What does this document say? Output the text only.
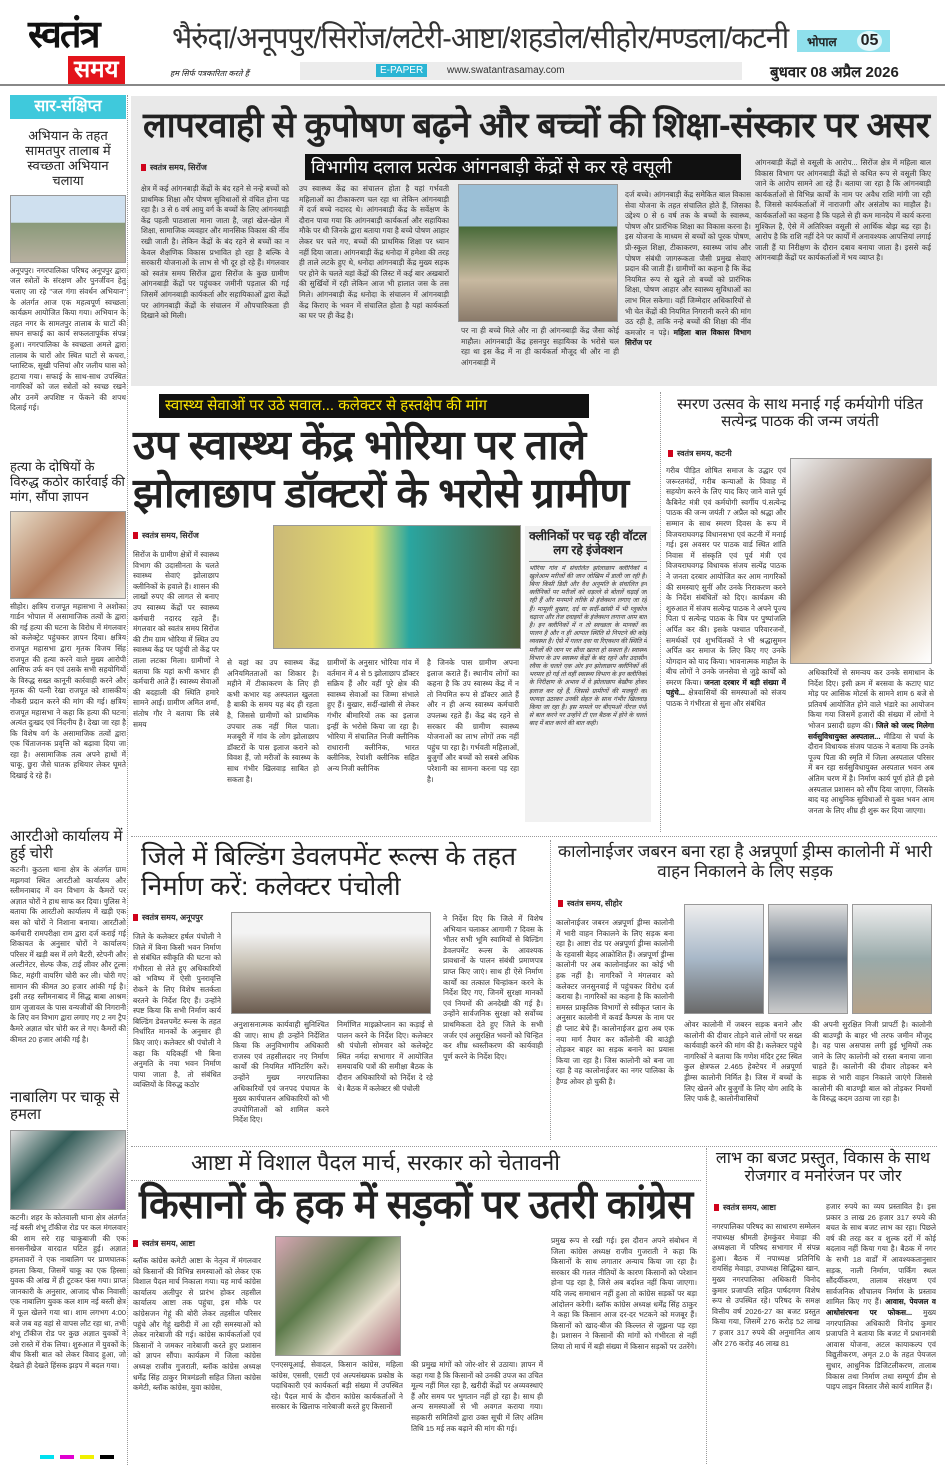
स्वतंत्र
समय
भैरुंदा/अनूपपुर/सिरोंज/लटेरी-आष्टा/शहडोल/सीहोर/मण्डला/कटनी भोपाल 05
हम सिर्फ पत्रकारिता करते हैं	E-PAPER	www.swatantrasamay.com	बुधवार 08 अप्रैल 2026
सार-संक्षिप्त
अभियान के तहत सामतपुर तालाब में स्वच्छता अभियान चलाया
अनूपपुर। नगरपालिका परिषद अनूपपुर द्वारा जल स्त्रोतों के संरक्षण और पुनर्जीवन हेतु चलाए जा रहे ''जल गंगा संवर्धन अभियान'' के अंतर्गत आज एक महत्वपूर्ण स्वच्छता कार्यक्रम आयोजित किया गया। अभियान के तहत नगर के सामतपुर तालाब के घाटों की सघन सफाई का कार्य सफलतापूर्वक संपन्न हुआ। नगरपालिका के स्वच्छता अमले द्वारा तालाब के चारों ओर स्थित घाटों से कचरा, प्लास्टिक, सूखी पत्तियां और जलीय घास को हटाया गया। सफाई के साथ-साथ उपस्थित नागरिकों को जल स्त्रोतों को स्वच्छ रखने और उनमें अपशिष्ट न फेंकने की शपथ दिलाई गई।
हत्या के दोषियों के विरुद्ध कठोर कार्रवाई की मांग, सौंपा ज्ञापन
सीहोर। क्षत्रिय राजपूत महासभा ने अशोका गार्डन भोपाल में असामाजिक तत्वों के द्वारा की गई हत्या की घटना के विरोध में मंगलवार को कलेक्ट्रेट पहुंचकर ज्ञापन दिया। क्षत्रिय राजपूत महासभा द्वारा मृतक विजय सिंह राजपूत की हत्या करने वाले मुख्य आरोपी आसिफ उर्फ बन एवं उसके सभी सहयोगियों के विरुद्ध सख्त कानूनी कार्रवाही करने और मृतक की पत्नी रेखा राजपूत को शासकीय नौकरी प्रदान करने की मांग की गई। क्षत्रिय राजपूत महासभा ने कहा कि हत्या की घटना अत्यंत दुःखद एवं निंदनीय है। देखा जा रहा है कि विशेष वर्ग के असामाजिक तत्वों द्वारा एक चिंताजनक प्रवृत्ति को बढ़ावा दिया जा रहा है। असामाजिक तत्व अपने हाथों में चाकू, छुरा जैसे घातक हथियार लेकर घूमते दिखाई दे रहे हैं।
आरटीओ कार्यालय में हुई चोरी
कटनी। कुठला थाना क्षेत्र के अंतर्गत ग्राम मझगवां स्थित आरटीओ कार्यालय और स्लीमनाबाद में वन विभाग के कैमरों पर अज्ञात चोरों ने हाथ साफ कर दिया। पुलिस ने बताया कि आरटीओ कार्यालय में खड़ी एक बस को चोरों ने निशाना बनाया। आरटीओ कर्मचारी रामपरीक्षा राम द्वारा दर्ज कराई गई शिकायत के अनुसार चोरों ने कार्यालय परिसर में खड़ी बस में लगे बैटरी, स्टेपनी और अल्टीनेटर, सेल्फ जैक, टाई लीवर और टूल्स किट, महंगी वायरिंग चोरी कर ली। चोरी गए सामान की कीमत 30 हजार आंकी गई है। इसी तरह स्लीमनाबाद में सिद्ध बाबा आश्रम ग्राम जुजावल के पास वन्यजीवों की निगरानी के लिए वन विभाग द्वारा लगाए गए 2 नग ट्रैप कैमरे अज्ञात चोर चोरी कर ले गए। कैमरों की कीमत 20 हजार आंकी गई है।
नाबालिग पर चाकू से हमला
कटनी। शहर के कोतवाली थाना क्षेत्र अंतर्गत नई बस्ती शंभू टॉकीज रोड पर कल मंगलवार की शाम सरे राह चाकूबाजी की एक सनसनीखेज वारदात घटित हुई। अज्ञात हमलावरों ने एक नाबालिग पर प्राणघातक हमला किया, जिसमें चाकू का एक हिस्सा युवक की आंख में ही टूटकर फंस गया। प्राप्त जानकारी के अनुसार, आजाद चौक निवासी एक नाबालिग युवक कल शाम नई बस्ती क्षेत्र में फूल खेलने गया था। शाम लगभग 4:00 बजे जब वह वहां से वापस लौट रहा था, तभी शंभू टॉकीज रोड पर कुछ अज्ञात युवकों ने उसे रास्ते में रोक लिया। शुरुआत में युवकों के बीच किसी बात को लेकर विवाद हुआ, जो देखते ही देखते हिंसक झड़प में बदल गया।
लापरवाही से कुपोषण बढ़ने और बच्चों की शिक्षा-संस्कार पर असर
स्वतंत्र समय, सिरोंज	विभागीय दलाल प्रत्येक आंगनबाड़ी केंद्रों से कर रहे वसूली
क्षेत्र में कई आंगनबाड़ी केंद्रों के बंद रहने से नन्हे बच्चों को प्राथमिक शिक्षा और पोषण सुविधाओं से वंचित होना पड़ रहा है। 3 से 6 वर्ष आयु वर्ग के बच्चों के लिए आंगनबाड़ी केंद्र पहली पाठशाला माना जाता है, जहां खेल-खेल में शिक्षा, सामाजिक व्यवहार और मानसिक विकास की नींव रखी जाती है। लेकिन केंद्रों के बंद रहने से बच्चों का न केवल शैक्षणिक विकास प्रभावित हो रहा है बल्कि वे सरकारी योजनाओं के लाभ से भी दूर हो रहे हैं। मंगलवार को स्वतंत्र समय सिरोंज द्वारा सिरोंज के कुछ ग्रामीण आंगनबाड़ी केंद्रों पर पहुंचकर जमीनी पड़ताल की गई जिसमें आंगनबाड़ी कार्यकर्ता और सहायिकाओं द्वारा केंद्रों पर आंगनबाड़ी केंद्रों के संचालन में औपचारिकता ही दिखाने को मिली।
उप स्वास्थ्य केंद्र का संचालन होता है यहां गर्भवती महिलाओं का टीकाकरण चल रहा था लेकिन आंगनबाड़ी में दर्ज बच्चे नदारद थे। आंगनबाड़ी केंद्र के सर्वेक्षण के दौरान पाया गया कि आंगनबाड़ी कार्यकर्ता और सहायिका मौके पर थी जिनके द्वारा बताया गया है बच्चे पोषण आहार लेकर घर चले गए, बच्चों की प्राथमिक शिक्षा पर ध्यान नहीं दिया जाता। आंगनबाड़ी केंद्र धनोदा में हमेशा की तरह ही ताले लटके हुए थे, धनोदा आंगनबाड़ी केंद्र मुख्य सड़क पर होने के चलते यहां केंद्रों की लिस्ट में कई बार अखबारों की सुर्खियों में रही लेकिन आज भी हालात जस के तस मिले। आंगनबाड़ी केंद्र धनोदा के संचालन में आंगनबाड़ी केंद्र किराए के भवन में संचालित होता है यहां कार्यकर्ता का घर पर ही केंद्र है।
पर ना ही बच्चे मिले और ना ही आंगनबाड़ी केंद्र जैसा कोई माहौल। आंगनबाड़ी केंद्र हसनपुर सहायिका के भरोसे चल रहा था इस केंद्र में ना ही कार्यकर्ता मौजूद थी और ना ही आंगनबाड़ी में
दर्ज बच्चे। आंगनबाड़ी केंद्र समेकित बाल विकास सेवा योजना के तहत संचालित होते हैं, जिसका उद्देश्य 0 से 6 वर्ष तक के बच्चों के स्वास्थ्य, पोषण और प्रारंभिक शिक्षा का विकास करना है। इस योजना के माध्यम से बच्चों को पूरक पोषण, प्री-स्कूल शिक्षा, टीकाकरण, स्वास्थ्य जांच और पोषण संबंधी जागरूकता जैसी प्रमुख सेवाएं प्रदान की जाती हैं। ग्रामीणों का कहना है कि केंद्र नियमित रूप से खुले तो बच्चों को प्रारंभिक शिक्षा, पोषण आहार और स्वास्थ्य सुविधाओं का लाभ मिल सकेगा। वहीं जिम्मेदार अधिकारियों से भी चेत केंद्रों की नियमित निगरानी करने की मांग उठ रही है, ताकि नन्हे बच्चों की शिक्षा की नींव कमजोर न पड़े। महिला बाल विकास विभाग सिरोंज पर
आंगनबाड़ी केंद्रों से वसूली के आरोप... सिरोंज क्षेत्र में महिला बाल विकास विभाग पर आंगनबाड़ी केंद्रों से कथित रूप से वसूली किए जाने के आरोप सामने आ रहे हैं। बताया जा रहा है कि आंगनबाड़ी कार्यकर्ताओं से विभिन्न कार्यों के नाम पर अवैध राशि मांगी जा रही है, जिससे कार्यकर्ताओं में नाराजगी और असंतोष का माहौल है। कार्यकर्ताओं का कहना है कि पहले से ही कम मानदेय में कार्य करना मुश्किल है, ऐसे में अतिरिक्त वसूली से आर्थिक बोझ बढ़ रहा है। आरोप है कि राशि नहीं देने पर कार्यों में अनावश्यक आपत्तियां लगाई जाती हैं या निरीक्षण के दौरान दबाव बनाया जाता है। इससे कई आंगनबाड़ी केंद्रों पर कार्यकर्ताओं में भय व्याप्त है।
स्वास्थ्य सेवाओं पर उठे सवाल... कलेक्टर से हस्तक्षेप की मांग
उप स्वास्थ्य केंद्र भोरिया पर ताले
झोलाछाप डॉक्टरों के भरोसे ग्रामीण
स्वतंत्र समय, सिरोंज
सिरोंज के ग्रामीण क्षेत्रों में स्वास्थ्य विभाग की उदासीनता के चलते स्वास्थ्य सेवाएं झोलाछाप क्लीनिकों के हवाले हैं। शासन की लाखों रुपए की लागत से बनाए उप स्वास्थ्य केंद्रों पर स्वास्थ्य कर्मचारी नदारद रहते हैं। मंगलवार को स्वतंत्र समय सिरोंज की टीम ग्राम भोरिया में स्थित उप स्वास्थ्य केंद्र पर पहुंची तो केंद्र पर ताला लटका मिला। ग्रामीणों ने बताया कि यहां कभी कभार ही कर्मचारी आते हैं। स्वास्थ्य सेवाओं की बदहाली की स्थिति हमारे सामने आई। ग्रामीण अमित शर्मा, संतोष गौर ने बताया कि लंबे समय
से यहां का उप स्वास्थ्य केंद्र अनियमितताओं का शिकार है। महीने में टीकाकरण के लिए ही कभी कभार यह अस्पताल खुलता है बाकी के समय यह बंद ही रहता है, जिससे ग्रामीणों को प्राथमिक उपचार तक नहीं मिल पाता। मजबूरी में गांव के लोग झोलाछाप डॉक्टरों के पास इलाज कराने को विवश हैं, जो मरीजों के स्वास्थ्य के साथ गंभीर खिलवाड़ साबित हो सकता है।
ग्रामीणों के अनुसार भोरिया गांव में वर्तमान में 4 से 5 झोलाछाप डॉक्टर सक्रिय हैं और वहीं पूरे क्षेत्र की स्वास्थ्य सेवाओं का जिम्मा संभाले हुए हैं। बुखार, सर्दी-खांसी से लेकर गंभीर बीमारियों तक का इलाज इन्हीं के भरोसे किया जा रहा है। भोरिया में संचालित निजी क्लीनिक राधारानी क्लीनिक, भारत क्लीनिक, रेयांशी क्लीनिक सहित अन्य निजी क्लीनिक
है जिनके पास ग्रामीण अपना इलाज कराते हैं। स्थानीय लोगों का कहना है कि उप स्वास्थ्य केंद्र में न तो नियमित रूप से डॉक्टर आते हैं और न ही अन्य स्वास्थ्य कर्मचारी उपलब्ध रहते हैं। केंद्र बंद रहने से सरकार की ग्रामीण स्वास्थ्य योजनाओं का लाभ लोगों तक नहीं पहुंच पा रहा है। गर्भवती महिलाओं, बुजुर्गों और बच्चों को सबसे अधिक परेशानी का सामना करना पड़ रहा है।
क्लीनिकों पर चढ़ रही वॉटल लग रहे इंजेक्शन
भोरिया गांव में संचालित झोलाछाप क्लीनिकों में खुलेआम मरीजों की जान जोखिम में डाली जा रही है। बिना किसी डिग्री और वैध अनुमति के संचालित इन क्लीनिकों पर मरीजों को धड़ल्ले से बोतलें चढ़ाई जा रही हैं और मनमाने तरीके से इंजेक्शन लगाए जा रहे हैं। मामूली बुखार, दर्द या सर्दी-खांसी में भी ग्लूकोज चढ़ाना और तेज दवाइयों के इंजेक्शन लगाना आम बात है। इन क्लीनिकों में न तो स्वच्छता के मानकों का पालन है और न ही आपात स्थिति से निपटने की कोई व्यवस्था है। ऐसे में गलत दवा या रिएक्शन की स्थिति में मरीजों की जान पर सीधा खतरा हो सकता है। स्वास्थ्य विभाग के उप स्वास्थ्य केंद्रों के बंद रहने और उदासीन रवैया के चलते एक ओर इन झोलाछाप क्लीनिकों की भरमार हो गई तो वहीं स्वास्थ्य विभाग के इन क्लीनिकों के निरीक्षण के अभाव में ये झोलाछाप बेखौफ होकर इलाज कर रहे हैं, जिससे ग्रामीणों की मजबूरी का फायदा उठाकर उनकी सेहत के साथ गंभीर खिलवाड़ किया जा रहा है। इस मामले पर बीएमओ नीरज पंथी से बात करने पर उन्होंने टी एल बैठक में होने के चलते बाद में बात करने की बात कही।
स्मरण उत्सव के साथ मनाई गई कर्मयोगी पंडित सत्येन्द्र पाठक की जन्म जयंती
स्वतंत्र समय, कटनी
गरीब पीड़ित शोषित समाज के उद्धार एवं जरूरतमंदों, गरीब कन्याओं के विवाह में सहयोग करने के लिए याद किए जाने वाले पूर्व कैबिनेट मंत्री एवं कर्मयोगी स्वर्गीय पं.सत्येन्द्र पाठक की जन्म जयंती 7 अप्रैल को श्रद्धा और सम्मान के साथ स्मरण दिवस के रूप में विजयराघवगढ़ विधानसभा एवं कटनी में मनाई गई। इस अवसर पर पाठक वार्ड स्थित शांति निवास में संस्कृति एवं पूर्व मंत्री एवं विजयराघवगढ़ विधायक संजय सत्येंद्र पाठक ने जनता दरबार आयोजित कर आम नागरिकों की समस्याएं सुनीं और उनके निराकरण करने के निर्देश संबंधितों को दिए। कार्यक्रम की शुरुआत में संजय सत्येन्द्र पाठक ने अपने पूज्य पिता पं सत्येन्द्र पाठक के चित्र पर पुष्पांजलि अर्पित कर की। इसके पश्चात परिवारजनों, समर्थकों एवं शुभचिंतकों ने भी श्रद्धासुमन अर्पित कर समाज के लिए किए गए उनके योगदान को याद किया। भावनात्मक माहौल के बीच लोगों ने उनके जनसेवा से जुड़े कार्यों को स्मरण किया। जनता दरबार में बड़ी संख्या में पहुंचे... क्षेत्रवासियों की समस्याओं को संजय पाठक ने गंभीरता से सुना और संबंधित
अधिकारियों से समन्वय कर उनके समाधान के निर्देश दिए। इसी क्रम में बरसवा के कटाए घाट मोड़ पर आसिक मोटर्स के सामने शाम 6 बजे से प्रतिवर्ष आयोजित होने वाले भंडारे का आयोजन किया गया जिसमें हजारों की संख्या में लोगों ने भोजन प्रसादी ग्रहण की। जिले को जल्द मिलेगा सर्वसुविधायुक्त अस्पताल... मीडिया से चर्चा के दौरान विधायक संजय पाठक ने बताया कि उनके पूज्य पिता की स्मृति में जिला अस्पताल परिसर में बन रहा सर्वसुविधायुक्त अस्पताल भवन अब अंतिम चरण में है। निर्माण कार्य पूर्ण होते ही इसे अस्पताल प्रशासन को सौंप दिया जाएगा, जिसके बाद यह आधुनिक सुविधाओं से युक्त भवन आम जनता के लिए शीघ्र ही शुरू कर दिया जाएगा।
जिले में बिल्डिंग डेवलपमेंट रूल्स के तहत निर्माण करें: कलेक्टर पंचोली
स्वतंत्र समय, अनूपपुर
जिले के कलेक्टर हर्षल पंचोली ने जिले में बिना किसी भवन निर्माण से संबंधित स्वीकृति की घटना को गंभीरता से लेते हुए अधिकारियों को भविष्य में ऐसी पुनरावृत्ति रोकने के लिए विशेष सतर्कता बरतने के निर्देश दिए हैं। उन्होंने स्पष्ट किया कि सभी निर्माण कार्य बिल्डिंग डेवलपमेंट रूल्स के तहत निर्धारित मानकों के अनुसार ही किए जाएं। कलेक्टर श्री पंचोली ने कहा कि यदिकहीं भी बिना अनुमति के नया भवन निर्माण पाया जाता है, तो संबंधित व्यक्तियों के विरुद्ध कठोर
अनुशासनात्मक कार्यवाही सुनिश्चित की जाए। साथ ही उन्होंने निर्देशित किया कि अनुविभागीय अधिकारी राजस्व एवं तहसीलदार नए निर्माण कार्यों की नियमित मॉनिटरिंग करें। उन्होंने मुख्य नगरपालिका अधिकारियों एवं जनपद पंचायत के मुख्य कार्यपालन अधिकारियों को भी उपयोगिताओं को शामिल करने निर्देश दिए।
निर्माणित माइक्रोप्लान का कड़ाई से पालन करने के निर्देश दिए। कलेक्टर श्री पंचोली सोमवार को कलेक्ट्रेट स्थित नर्मदा सभागार में आयोजित समयावधि पत्रों की समीक्षा बैठक के दौरान अधिकारियों को निर्देश दे रहे थे। बैठक में कलेक्टर श्री पंचोली
ने निर्देश दिए कि जिले में विशेष अभियान चलाकर आगामी 7 दिवस के भीतर सभी भूमि स्वामियों से बिल्डिंग डेवलपमेंट रूल्स के आवश्यक प्रावधानों के पालन संबंधी प्रमाणपत्र प्राप्त किए जाएं। साथ ही ऐसे निर्माण कार्यों का तत्काल चिन्हांकन करने के निर्देश दिए गए, जिनमें सुरक्षा मानकों एवं नियमों की अनदेखी की गई है। उन्होंने सार्वजनिक सुरक्षा को सर्वोच्च प्राथमिकता देते हुए जिले के सभी जर्जर एवं असुरक्षित भवनों को चिन्हित कर शीघ्र ध्वस्तीकरण की कार्यवाही पूर्ण करने के निर्देश दिए।
कालोनाईजर जबरन बना रहा है अन्नपूर्णा ड्रीम्स कालोनी में भारी वाहन निकालने के लिए सड़क
स्वतंत्र समय, सीहोर
कालोनाईजर जबरन अन्नपूर्णा ड्रीम्स कालोनी में भारी वाहन निकालने के लिए सड़क बना रहा है। आष्टा रोड पर अन्नपूर्णा ड्रीम्स कालोनी के रहवासी बेहद आक्रोशित हैं। अन्नपूर्णा ड्रीम्स कालोनी पर अब कालोनाईजर का कोई भी हक नहीं है। नागरिकों ने मंगलवार को कलेक्टर जनसुनवाई में पहुंचकर विरोध दर्ज कराया है। नागरिकों का कहना है कि कालोनी समस्त प्राकृतिक विभागों से स्वीकृत प्लान के अनुसार कालोनी में कवर्ड कैम्पस के नाम पर ही प्लाट बेचे हैं। कालोनाईजर द्वारा अब एक नया मार्ग तैयार कर कॉलोनी की बाउंड्री तोड़कर बाहर का सड़क बनाने का प्रयास किया जा रहा है। जिस कालोनी को बना जा रहा है वह कालोनाईजर का नगर पालिका के हैण्ड ओवर हो चुकी है।
ओवर कालोनी में जबरन सड़क बनाने और कालोनी की दीवार तोड़ने वाले लोगों पर सख्त कार्यवाही करने की मांग की है। कलेक्टर पहुंचे नागरिकों ने बताया कि गणेश मंदिर ट्रस्ट स्थित कुल क्षेत्रफल 2.465 हेक्टेयर में अन्नपूर्णा ड्रीम्स कालोनी निर्मित है। जिस में बच्चों के लिए खेलने और बुजुर्गों के लिए योग आदि के लिए पार्क है, कालोनीवासियों
की अपनी सुरक्षित निजी प्रापर्टी है। कालोनी की बाउण्ड्री के बाहर भी तरफ जमीन मौजूद है। वह पास असपास लगी हुई भूमियों तक जाने के लिए कालोनी को रास्ता बनाया जाना चाहते हैं। कालोनी की दीवार तोड़कर बने सड़क से भारी वाहन निकाले जाएंगे जिससे कालोनी की बाउण्ड्री बाल को तोड़कर नियमों के विरुद्ध कदम उठाया जा रहा है।
आष्टा में विशाल पैदल मार्च, सरकार को चेतावनी
किसानों के हक में सड़कों पर उतरी कांग्रेस
स्वतंत्र समय, आष्टा
ब्लॉक कांग्रेस कमेटी आष्टा के नेतृत्व में मंगलवार को किसानों की विभिन्न समस्याओं को लेकर एक विशाल पैदल मार्च निकाला गया। यह मार्च कांग्रेस कार्यालय अलीपुर से प्रारंभ होकर तहसील कार्यालय आष्टा तक पहुंचा, इस मौके पर कांग्रेसजन गेहूं की बोरी लेकर तहसील परिसर पहुंचे और गेहूं खरीदी में आ रही समस्याओं को लेकर नारेबाजी की गई। कांग्रेस कार्यकर्ताओं एवं किसानों ने जमकर नारेबाजी करते हुए प्रशासन को ज्ञापन सौंपा। कार्यक्रम में जिला कांग्रेस अध्यक्ष राजीव गुजराती, ब्लॉक कांग्रेस अध्यक्ष धर्मेंद्र सिंह ठाकुर मित्रमंडली सहित जिला कांग्रेस कमेटी, ब्लॉक कांग्रेस, युवा कांग्रेस,
एनएसयूआई, सेवादल, किसान कांग्रेस, महिला कांग्रेस, एससी, एसटी एवं अल्पसंख्यक प्रकोष्ठ के पदाधिकारी एवं कार्यकर्ता बड़ी संख्या में उपस्थित रहे। पैदल मार्च के दौरान कांग्रेस कार्यकर्ताओं ने सरकार के खिलाफ नारेबाजी करते हुए किसानों
की प्रमुख मांगों को जोर-शोर से उठाया। ज्ञापन में कहा गया है कि किसानों को उनकी उपज का उचित मूल्य नहीं मिल रहा है, खरीदी केंद्रों पर अव्यवस्थाएं हैं और समय पर भुगतान नहीं हो रहा है। साथ ही अन्य समस्याओं से भी अवगत कराया गया। सहकारी समितियों द्वारा उक्त सूची में लिए अंतिम तिथि 15 मई तक बढ़ाने की मांग की गई।
प्रमुख रूप से रखी गई। इस दौरान अपने संबोधन में जिला कांग्रेस अध्यक्ष राजीव गुजराती ने कहा कि किसानों के साथ लगातार अन्याय किया जा रहा है। सरकार की गलत नीतियों के कारण किसानों को परेशान होना पड़ रहा है, जिसे अब बर्दाश्त नहीं किया जाएगा। यदि जल्द समाधान नहीं हुआ तो कांग्रेस सड़कों पर बड़ा आंदोलन करेगी। ब्लॉक कांग्रेस अध्यक्ष धर्मेंद्र सिंह ठाकुर ने कहा कि किसान आज दर-दर भटकने को मजबूर हैं। किसानों को खाद-बीज की किल्लत से जूझना पड़ रहा है। प्रशासन ने किसानों की मांगों को गंभीरता से नहीं लिया तो मार्च में बड़ी संख्या में किसान सड़कों पर उतरेंगे।
लाभ का बजट प्रस्तुत, विकास के साथ रोजगार व मनोरंजन पर जोर
स्वतंत्र समय, आष्टा
नगरपालिका परिषद का साधारण सम्मेलन नपाध्यक्ष श्रीमती हेमकुंवर मेवाड़ा की अध्यक्षता में परिषद सभागार में संपन्न हुआ। बैठक में नपाध्यक्ष प्रतिनिधि रायसिंह मेवाड़ा, उपाध्यक्ष सिद्धिका खान, मुख्य नगरपालिका अधिकारी विनोद कुमार प्रजापति सहित पार्षदगण विशेष रूप से उपस्थित रहे। परिषद के समक्ष वित्तीय वर्ष 2026-27 का बजट प्रस्तुत किया गया, जिसमें 276 करोड़ 52 लाख 7 हजार 317 रुपये की अनुमानित आय और 276 करोड़ 46 लाख 81
हजार रुपये का व्यय प्रस्तावित है। इस प्रकार 3 लाख 26 हजार 317 रुपये की बचत के साथ बजट लाभ का रहा। पिछले वर्ष की तरह कर व शुल्क दरों में कोई बदलाव नहीं किया गया है। बैठक में नगर के सभी 18 वार्डों में आवश्यकतानुसार सड़क, नाली निर्माण, पार्किंग स्थल सौंदर्यीकरण, तालाब संरक्षण एवं सार्वजनिक शौचालय निर्माण के प्रस्ताव शामिल किए गए हैं। आवास, पेयजल व आधोसंरचना पर फोकस... मुख्य नगरपालिका अधिकारी विनोद कुमार प्रजापति ने बताया कि बजट में प्रधानमंत्री आवास योजना, अटल कायाकल्प एवं विद्युतीकरण, अमृत 2.0 के तहत पेयजल सुधार, आधुनिक डिजिटलीकरण, तालाब विकास तथा निर्माण तथा सम्पूर्ण डीम से पाइप लाइन विस्तार जैसे कार्य शामिल हैं।
